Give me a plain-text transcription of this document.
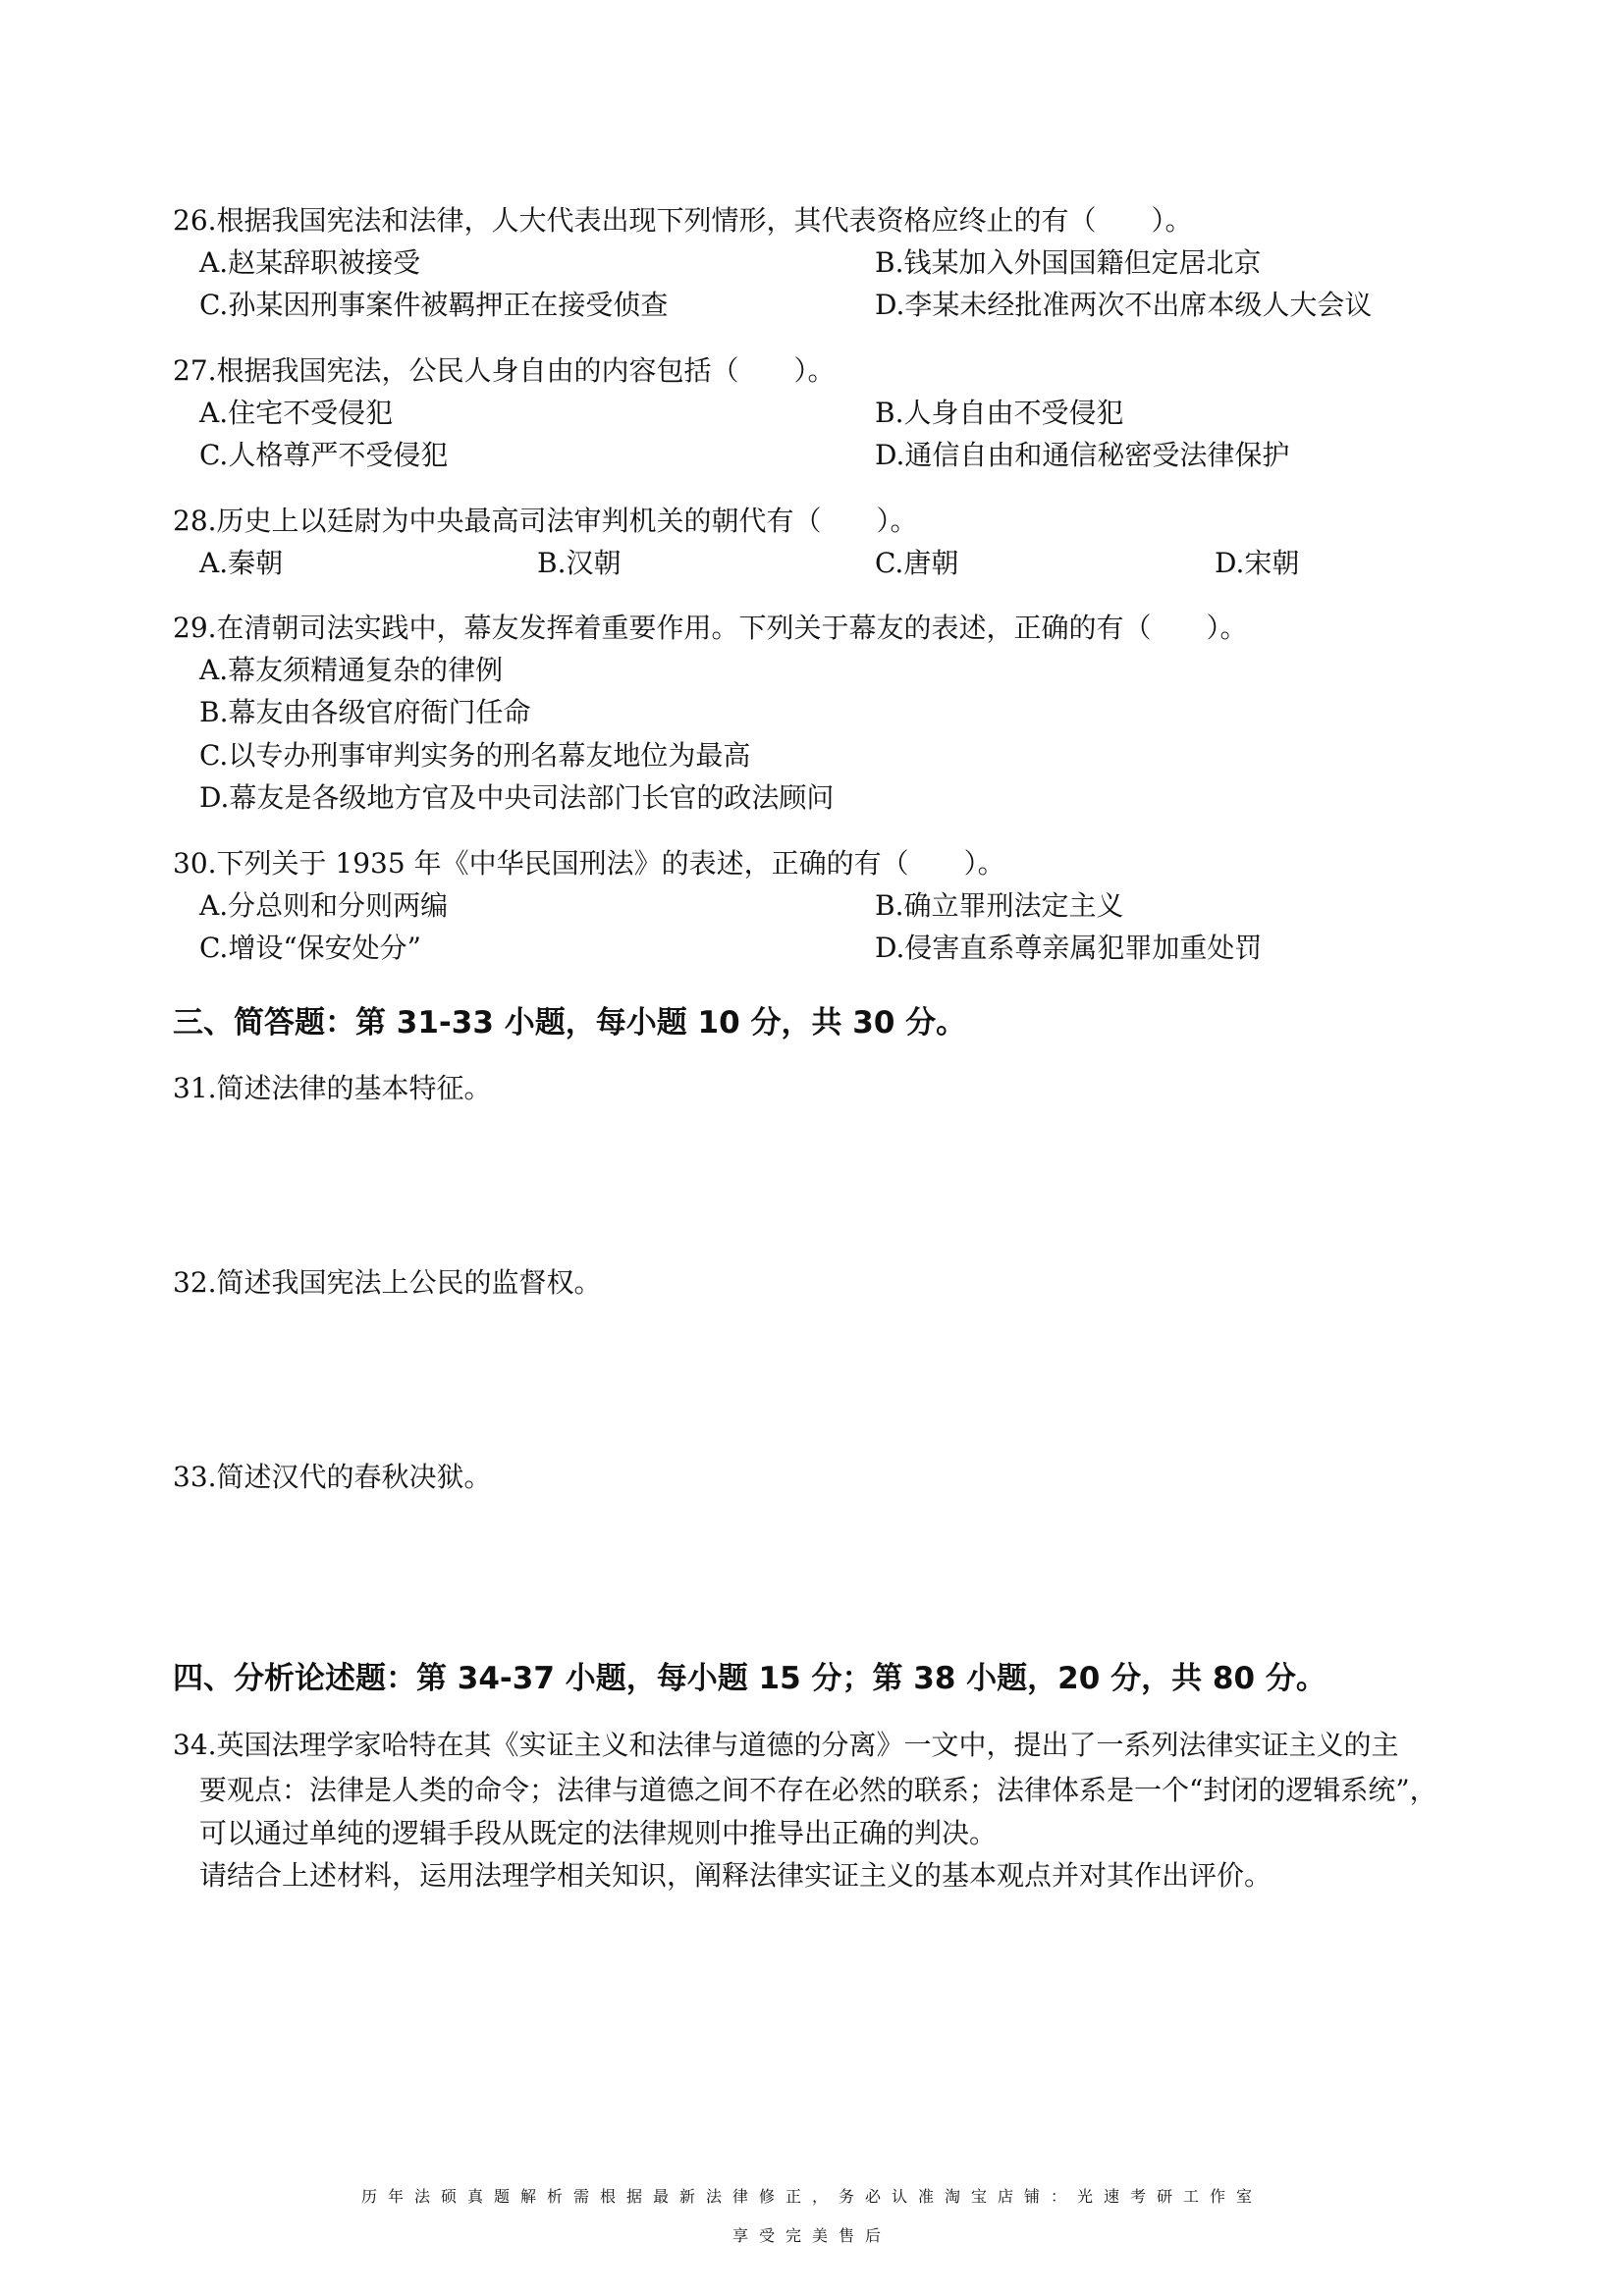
26.根据我国宪法和法律，人大代表出现下列情形，其代表资格应终止的有（　　）。
A.赵某辞职被接受	B.钱某加入外国国籍但定居北京
C.孙某因刑事案件被羁押正在接受侦查	D.李某未经批准两次不出席本级人大会议
27.根据我国宪法，公民人身自由的内容包括（　　）。
A.住宅不受侵犯	B.人身自由不受侵犯
C.人格尊严不受侵犯	D.通信自由和通信秘密受法律保护
28.历史上以廷尉为中央最高司法审判机关的朝代有（　　）。
A.秦朝	B.汉朝	C.唐朝	D.宋朝
29.在清朝司法实践中，幕友发挥着重要作用。下列关于幕友的表述，正确的有（　　）。
A.幕友须精通复杂的律例
B.幕友由各级官府衙门任命
C.以专办刑事审判实务的刑名幕友地位为最高
D.幕友是各级地方官及中央司法部门长官的政法顾问
30.下列关于 1935 年《中华民国刑法》的表述，正确的有（　　）。
A.分总则和分则两编	B.确立罪刑法定主义
C.增设“保安处分”	D.侵害直系尊亲属犯罪加重处罚
三、简答题：第 31-33 小题，每小题 10 分，共 30 分。
31.简述法律的基本特征。
32.简述我国宪法上公民的监督权。
33.简述汉代的春秋决狱。
四、分析论述题：第 34-37 小题，每小题 15 分；第 38 小题，20 分，共 80 分。
34.英国法理学家哈特在其《实证主义和法律与道德的分离》一文中，提出了一系列法律实证主义的主
要观点：法律是人类的命令；法律与道德之间不存在必然的联系；法律体系是一个“封闭的逻辑系统”，
可以通过单纯的逻辑手段从既定的法律规则中推导出正确的判决。
请结合上述材料，运用法理学相关知识，阐释法律实证主义的基本观点并对其作出评价。
历年法硕真题解析需根据最新法律修正，务必认准淘宝店铺：光速考研工作室
享受完美售后
